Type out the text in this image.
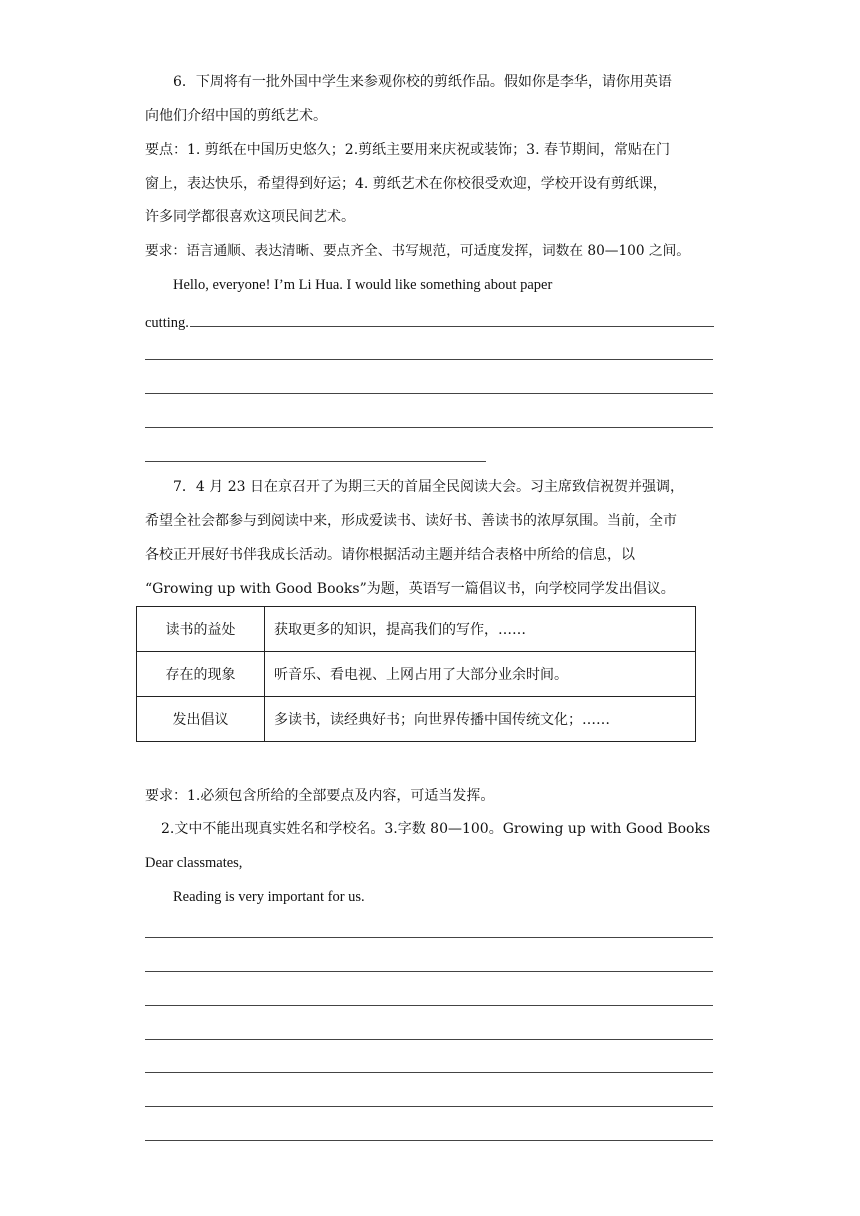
6．下周将有一批外国中学生来参观你校的剪纸作品。假如你是李华，请你用英语
向他们介绍中国的剪纸艺术。
要点：1. 剪纸在中国历史悠久；2.剪纸主要用来庆祝或装饰；3. 春节期间，常贴在门
窗上，表达快乐，希望得到好运；4. 剪纸艺术在你校很受欢迎，学校开设有剪纸课，
许多同学都很喜欢这项民间艺术。
要求：语言通顺、表达清晰、要点齐全、书写规范，可适度发挥，词数在 80—100 之间。
Hello, everyone! I’m Li Hua. I would like something about paper
cutting.
7．4 月 23 日在京召开了为期三天的首届全民阅读大会。习主席致信祝贺并强调，
希望全社会都参与到阅读中来，形成爱读书、读好书、善读书的浓厚氛围。当前，全市
各校正开展好书伴我成长活动。请你根据活动主题并结合表格中所给的信息，以
“Growing up with Good Books”为题，英语写一篇倡议书，向学校同学发出倡议。
读书的益处	获取更多的知识，提高我们的写作，……
存在的现象	听音乐、看电视、上网占用了大部分业余时间。
发出倡议	多读书，读经典好书；向世界传播中国传统文化；……
要求：1.必须包含所给的全部要点及内容，可适当发挥。
2.文中不能出现真实姓名和学校名。3.字数 80—100。Growing up with Good Books
Dear classmates,
Reading is very important for us.
